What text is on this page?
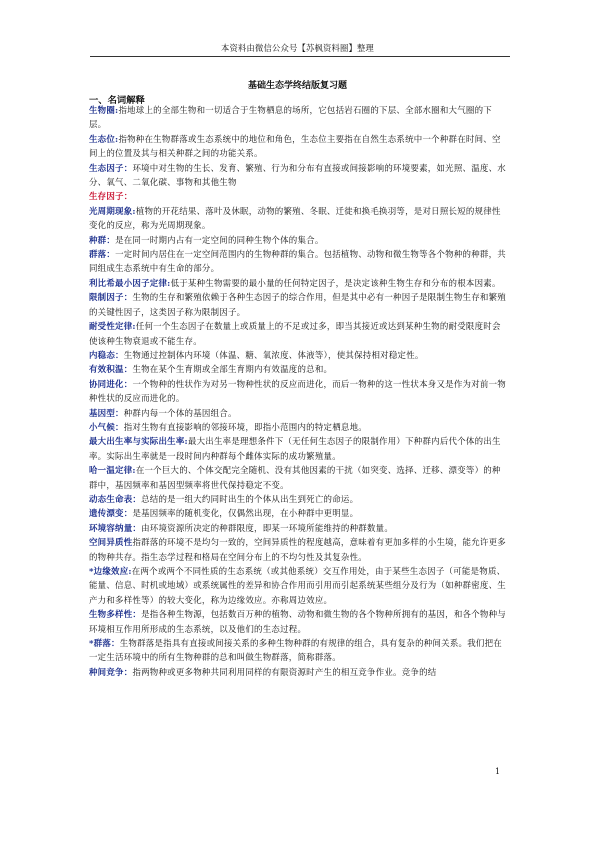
本资料由微信公众号【苏枫资料圈】整理
基础生态学终结版复习题
一、名词解释

生物圈:指地球上的全部生物和一切适合于生物栖息的场所，它包括岩石圈的下层、全部水圈和大气圈的下层。

生态位:指物种在生物群落或生态系统中的地位和角色，生态位主要指在自然生态系统中一个种群在时间、空间上的位置及其与相关种群之间的功能关系。

生态因子：环境中对生物的生长、发育、繁殖、行为和分布有直接或间接影响的环境要素，如光照、温度、水分、氧气、二氧化碳、事物和其他生物

生存因子：

光周期现象:植物的开花结果、落叶及休眠，动物的繁殖、冬眠、迁徙和换毛换羽等，是对日照长短的规律性变化的反应，称为光周期现象。

种群：是在同一时期内占有一定空间的同种生物个体的集合。

群落：一定时间内居住在一定空间范围内的生物种群的集合。包括植物、动物和微生物等各个物种的种群，共同组成生态系统中有生命的部分。

利比希最小因子定律:低于某种生物需要的最小量的任何特定因子，是决定该种生物生存和分布的根本因素。

限制因子：生物的生存和繁殖依赖于各种生态因子的综合作用，但是其中必有一种因子是限制生物生存和繁殖的关键性因子，这类因子称为限制因子。

耐受性定律:任何一个生态因子在数量上或质量上的不足或过多，即当其接近或达到某种生物的耐受限度时会使该种生物衰退或不能生存。

内稳态：生物通过控制体内环境（体温、糖、氧浓度、体液等），使其保持相对稳定性。

有效积温：生物在某个生育期或全部生育期内有效温度的总和。

协同进化：一个物种的性状作为对另一物种性状的反应而进化，而后一物种的这一性状本身又是作为对前一物种性状的反应而进化的。

基因型：种群内每一个体的基因组合。

小气候：指对生物有直接影响的邻接环境，即指小范围内的特定栖息地。

最大出生率与实际出生率:最大出生率是理想条件下（无任何生态因子的限制作用）下种群内后代个体的出生率。实际出生率就是一段时间内种群每个雌体实际的成功繁殖量。

哈一温定律:在一个巨大的、个体交配完全随机、没有其他因素的干扰（如突变、选择、迁移、漂变等）的种群中，基因频率和基因型频率将世代保持稳定不变。

动态生命表：总结的是一组大约同时出生的个体从出生到死亡的命运。

遗传漂变：是基因频率的随机变化，仅偶然出现，在小种群中更明显。

环境容纳量：由环境资源所决定的种群限度，即某一环境所能维持的种群数量。

空间异质性指群落的环境不是均匀一致的，空间异质性的程度越高，意味着有更加多样的小生境，能允许更多的物种共存。指生态学过程和格局在空间分布上的不均匀性及其复杂性。

*边缘效应:在两个或两个不同性质的生态系统（或其他系统）交互作用处，由于某些生态因子（可能是物质、能量、信息、时机或地域）或系统属性的差异和协合作用而引用而引起系统某些组分及行为（如种群密度、生产力和多样性等）的较大变化，称为边缘效应。亦称周边效应。

生物多样性：是指各种生物源，包括数百万种的植物、动物和微生物的各个物种所拥有的基因，和各个物种与环境相互作用所形成的生态系统，以及他们的生态过程。

*群落：生物群落是指具有直接或间接关系的多种生物种群的有规律的组合，具有复杂的种间关系。我们把在一定生活环境中的所有生物种群的总和叫做生物群落，简称群落。

种间竞争：指两物种或更多物种共同利用同样的有限资源时产生的相互竞争作业。竞争的结

1
